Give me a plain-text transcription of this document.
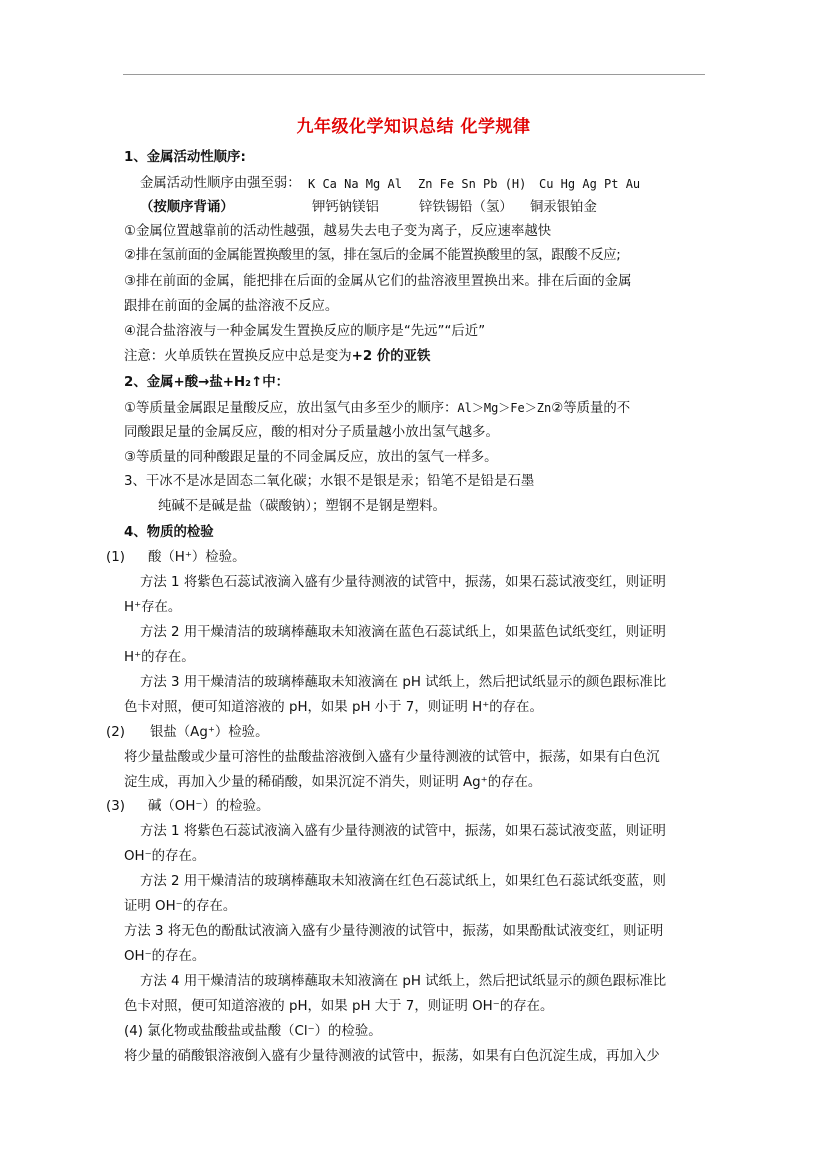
九年级化学知识总结 化学规律
1、金属活动性顺序:
金属活动性顺序由强至弱： K Ca Na Mg Al Zn Fe Sn Pb (H) Cu Hg Ag Pt Au
（按顺序背诵）	钾钙钠镁铝	锌铁锡铅（氢） 铜汞银铂金
①金属位置越靠前的活动性越强，越易失去电子变为离子，反应速率越快
②排在氢前面的金属能置换酸里的氢，排在氢后的金属不能置换酸里的氢，跟酸不反应;
③排在前面的金属，能把排在后面的金属从它们的盐溶液里置换出来。排在后面的金属
跟排在前面的金属的盐溶液不反应。
④混合盐溶液与一种金属发生置换反应的顺序是“先远”“后近”
注意：火单质铁在置换反应中总是变为+2 价的亚铁
2、金属+酸→盐+H₂↑中：
①等质量金属跟足量酸反应，放出氢气由多至少的顺序：Al＞Mg＞Fe＞Zn②等质量的不
同酸跟足量的金属反应，酸的相对分子质量越小放出氢气越多。
③等质量的同种酸跟足量的不同金属反应，放出的氢气一样多。
3、干冰不是冰是固态二氧化碳；水银不是银是汞；铅笔不是铅是石墨
纯碱不是碱是盐（碳酸钠）；塑钢不是钢是塑料。
4、物质的检验
(1) 酸（H⁺）检验。
方法 1 将紫色石蕊试液滴入盛有少量待测液的试管中，振荡，如果石蕊试液变红，则证明
H⁺存在。
方法 2 用干燥清洁的玻璃棒蘸取未知液滴在蓝色石蕊试纸上，如果蓝色试纸变红，则证明
H⁺的存在。
方法 3 用干燥清洁的玻璃棒蘸取未知液滴在 pH 试纸上，然后把试纸显示的颜色跟标准比
色卡对照，便可知道溶液的 pH，如果 pH 小于 7，则证明 H⁺的存在。
(2) 银盐（Ag⁺）检验。
将少量盐酸或少量可溶性的盐酸盐溶液倒入盛有少量待测液的试管中，振荡，如果有白色沉
淀生成，再加入少量的稀硝酸，如果沉淀不消失，则证明 Ag⁺的存在。
(3) 碱（OH⁻）的检验。
方法 1 将紫色石蕊试液滴入盛有少量待测液的试管中，振荡，如果石蕊试液变蓝，则证明
OH⁻的存在。
方法 2 用干燥清洁的玻璃棒蘸取未知液滴在红色石蕊试纸上，如果红色石蕊试纸变蓝，则
证明 OH⁻的存在。
方法 3 将无色的酚酞试液滴入盛有少量待测液的试管中，振荡，如果酚酞试液变红，则证明
OH⁻的存在。
方法 4 用干燥清洁的玻璃棒蘸取未知液滴在 pH 试纸上，然后把试纸显示的颜色跟标准比
色卡对照，便可知道溶液的 pH，如果 pH 大于 7，则证明 OH⁻的存在。
(4) 氯化物或盐酸盐或盐酸（Cl⁻）的检验。
将少量的硝酸银溶液倒入盛有少量待测液的试管中，振荡，如果有白色沉淀生成，再加入少
